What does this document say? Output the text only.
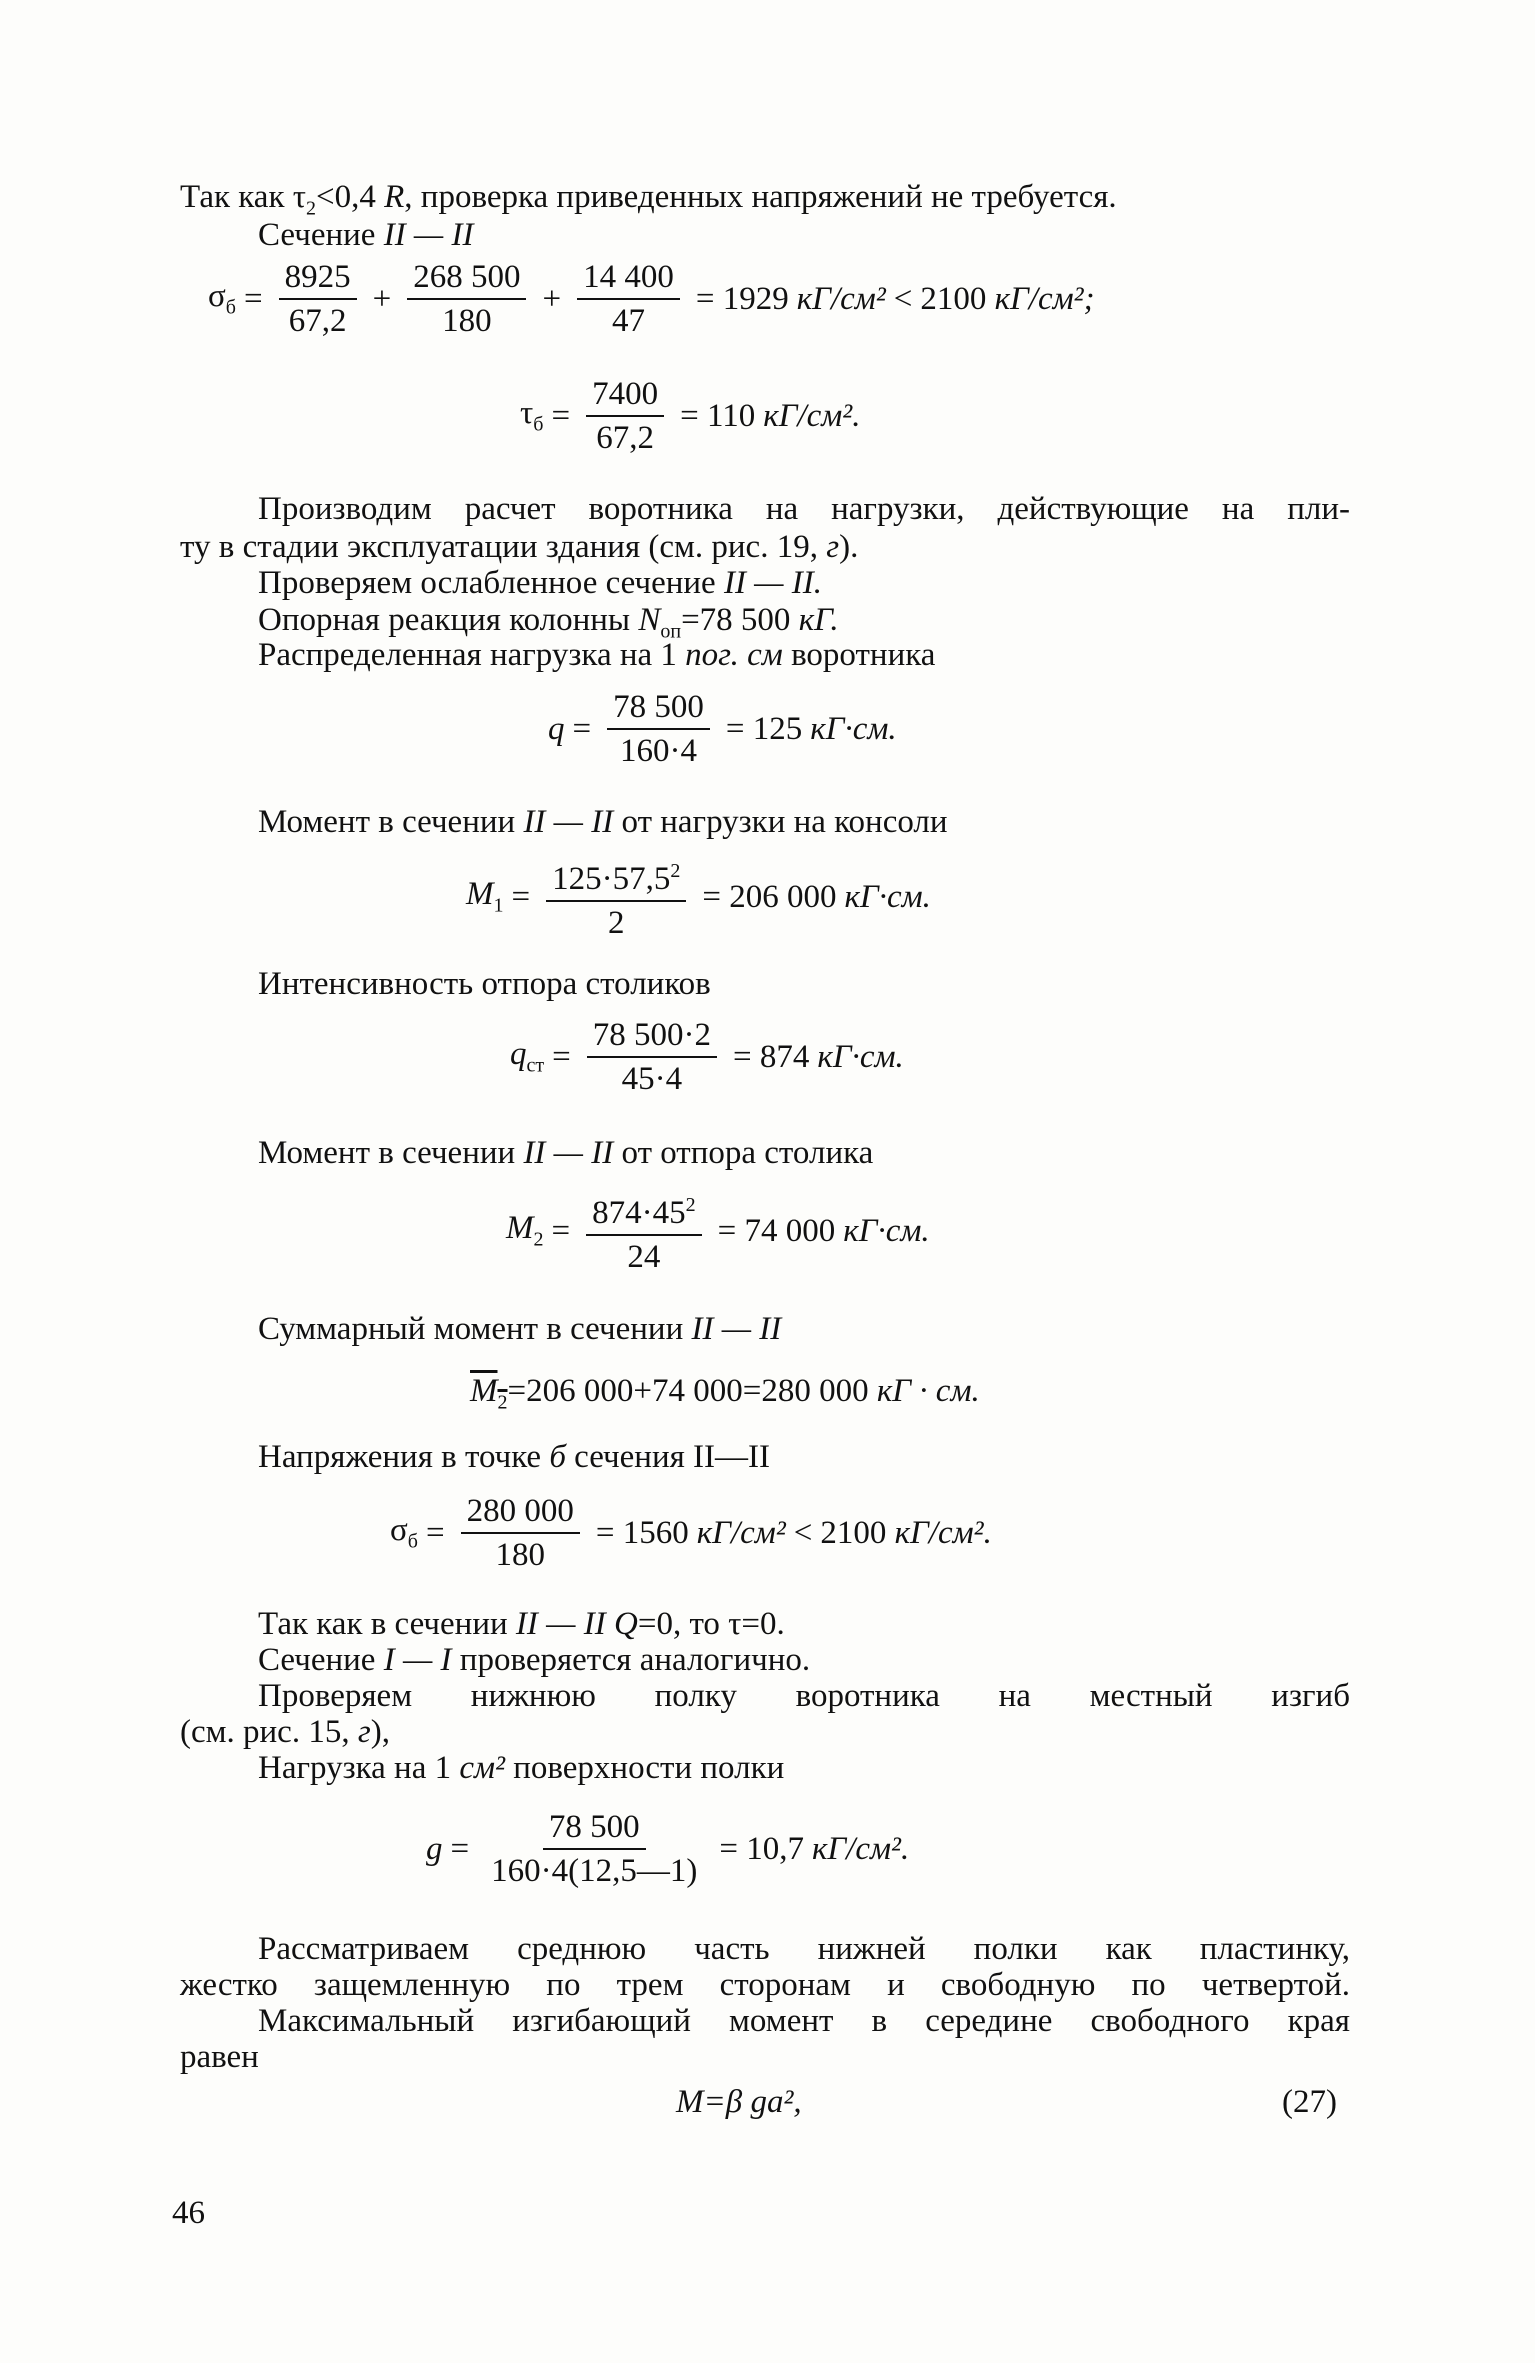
Так как $\tau_2<0,4$ R, проверка приведенных напряжений не требуется.
Сечение II — II
$\sigma_б = \frac{8925}{67,2} + \frac{268 500}{180} + \frac{14 400}{47} = 1929$ кГ/см² < 2100
кГ/см²;
$\tau_б = \frac{7400}{67,2} = 110$ кГ/см².
Производим расчет воротника на нагрузки, действующие на пли-
ту в стадии эксплуатации здания (см. рис. 19, г).
Проверяем ослабленное сечение II — II.
Опорная реакция колонны $N_{оп}=78$ 500 кГ.
Распределенная нагрузка на 1 пог. см воротника
$q = \frac{78 500}{160\cdot 4} = 125$ кГ·см.
Момент в сечении II — II от нагрузки на консоли
$M_1 = \frac{125\cdot 57,5^2}{2} = 206$ 000 кГ·см.
Интенсивность отпора столиков
$q_{ст} = \frac{78 500\cdot 2}{45\cdot 4} = 874$ кГ·см.
Момент в сечении II — II от отпора столика
$M_2 = \frac{874\cdot 45^2}{24} = 74$ 000 кГ·см.
Суммарный момент в сечении II — II
$M_2=206$ 000+74 000=280 000 кГ · см.
Напряжения в точке б сечения II—II
$\sigma_б = \frac{280 000}{180} = 1560$ кГ/см² < 2100
кГ/см².
Так как в сечении II — II Q=0, то τ=0.
Сечение I — I проверяется аналогично.
Проверяем нижнюю полку воротника на местный изгиб
(см. рис. 15, г),
Нагрузка на 1 см² поверхности полки
$g = \frac{78 500}{160\cdot 4(12,5—1)} = 10,7$ кГ/см².
Рассматриваем среднюю часть нижней полки как пластинку,
жестко защемленную по трем сторонам и свободную по четвертой.
Максимальный изгибающий момент в середине свободного края
равен
M=β ga²,	(27)
46
